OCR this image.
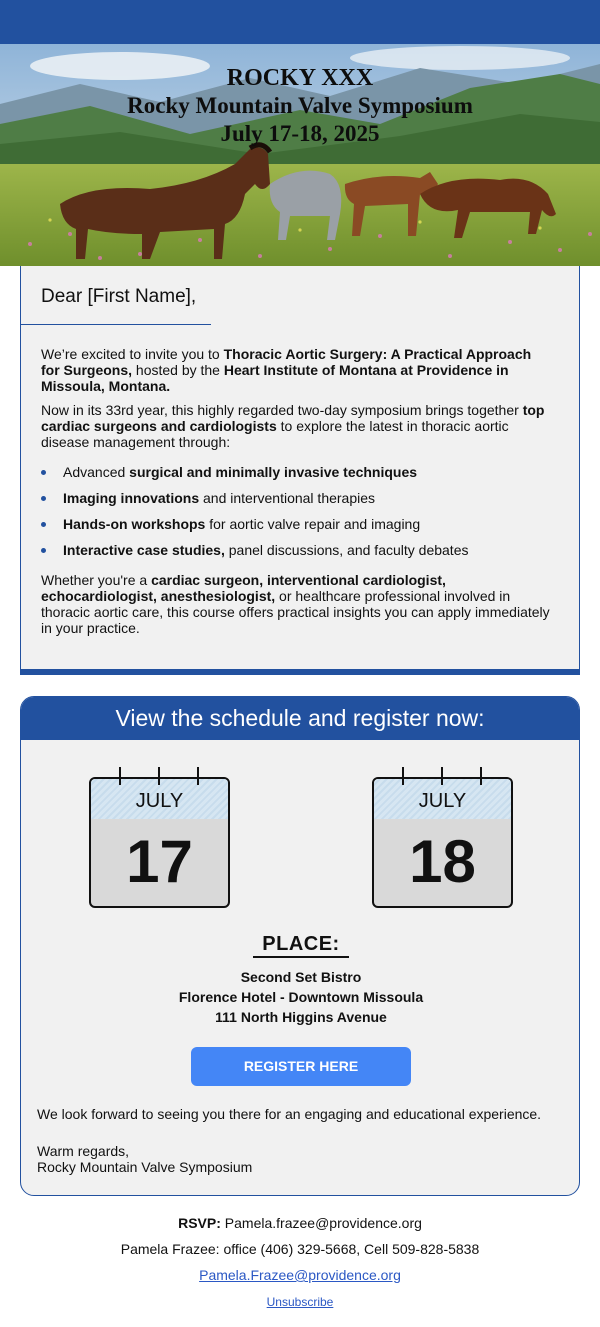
ROCKY XXX
Rocky Mountain Valve Symposium
July 17-18, 2025
Dear [First Name],

We’re excited to invite you to Thoracic Aortic Surgery: A Practical Approach for Surgeons, hosted by the Heart Institute of Montana at Providence in Missoula, Montana.

Now in its 33rd year, this highly regarded two-day symposium brings together top cardiac surgeons and cardiologists to explore the latest in thoracic aortic disease management through:

Advanced surgical and minimally invasive techniques
Imaging innovations and interventional therapies
Hands-on workshops for aortic valve repair and imaging
Interactive case studies, panel discussions, and faculty debates

Whether you're a cardiac surgeon, interventional cardiologist, echocardiologist, anesthesiologist, or healthcare professional involved in thoracic aortic care, this course offers practical insights you can apply immediately in your practice.

View the schedule and register now:
JULY
17
JULY
18
PLACE:
Second Set Bistro
Florence Hotel - Downtown Missoula
111 North Higgins Avenue
REGISTER HERE
We look forward to seeing you there for an engaging and educational experience.
Warm regards,
Rocky Mountain Valve Symposium
RSVP: Pamela.frazee@providence.org
Pamela Frazee: office (406) 329-5668, Cell 509-828-5838
Pamela.Frazee@providence.org
Unsubscribe
